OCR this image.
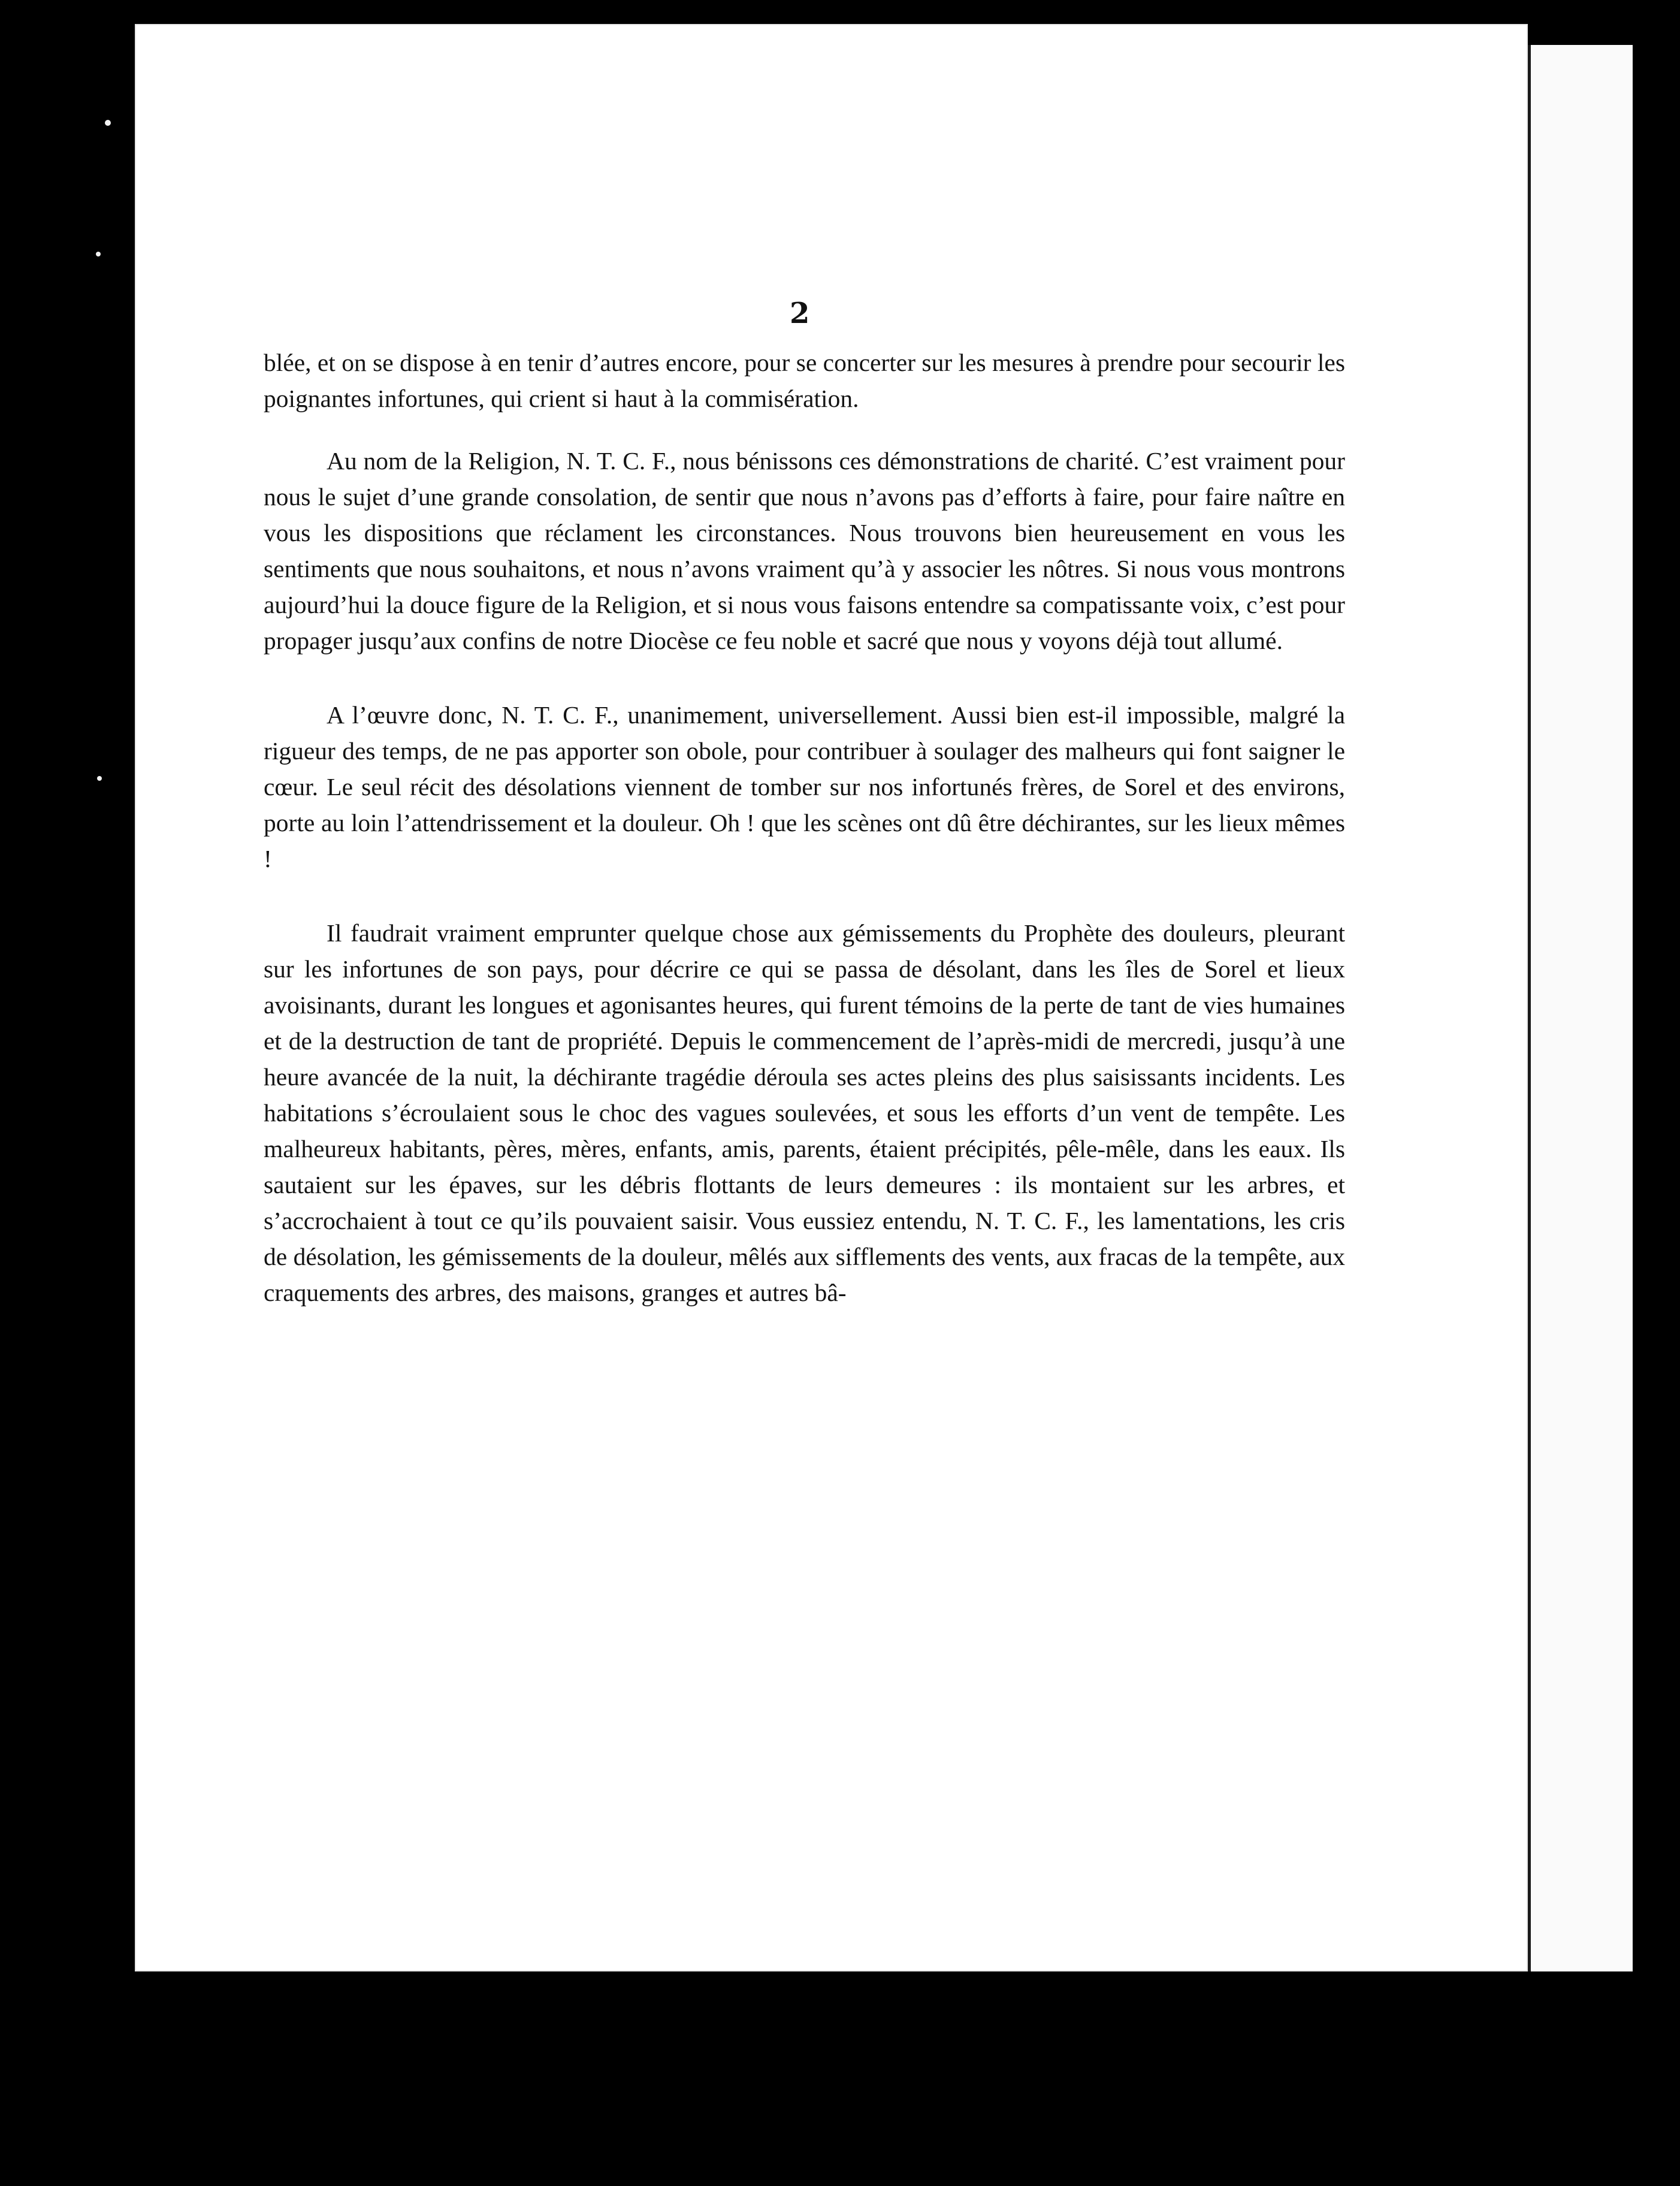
2

blée, et on se dispose à en tenir d’autres encore, pour se concerter sur les mesures à prendre pour secourir les poignantes infortunes, qui crient si haut à la commisération.

Au nom de la Religion, N. T. C. F., nous bénissons ces démonstrations de charité. C’est vraiment pour nous le sujet d’une grande consolation, de sentir que nous n’avons pas d’efforts à faire, pour faire naître en vous les dispositions que réclament les circonstances. Nous trouvons bien heureusement en vous les sentiments que nous souhaitons, et nous n’avons vraiment qu’à y associer les nôtres. Si nous vous montrons aujourd’hui la douce figure de la Religion, et si nous vous faisons entendre sa compatissante voix, c’est pour propager jusqu’aux confins de notre Diocèse ce feu noble et sacré que nous y voyons déjà tout allumé.

A l’œuvre donc, N. T. C. F., unanimement, universellement. Aussi bien est-il impossible, malgré la rigueur des temps, de ne pas apporter son obole, pour contribuer à soulager des malheurs qui font saigner le cœur. Le seul récit des désolations viennent de tomber sur nos infortunés frères, de Sorel et des environs, porte au loin l’attendrissement et la douleur. Oh ! que les scènes ont dû être déchirantes, sur les lieux mêmes !

Il faudrait vraiment emprunter quelque chose aux gémissements du Prophète des douleurs, pleurant sur les infortunes de son pays, pour décrire ce qui se passa de désolant, dans les îles de Sorel et lieux avoisinants, durant les longues et agonisantes heures, qui furent témoins de la perte de tant de vies humaines et de la destruction de tant de propriété. Depuis le commencement de l’après-midi de mercredi, jusqu’à une heure avancée de la nuit, la déchirante tragédie déroula ses actes pleins des plus saisissants incidents. Les habitations s’écroulaient sous le choc des vagues soulevées, et sous les efforts d’un vent de tempête. Les malheureux habitants, pères, mères, enfants, amis, parents, étaient précipités, pêle-mêle, dans les eaux. Ils sautaient sur les épaves, sur les débris flottants de leurs demeures : ils montaient sur les arbres, et s’accrochaient à tout ce qu’ils pouvaient saisir. Vous eussiez entendu, N. T. C. F., les lamentations, les cris de désolation, les gémissements de la douleur, mêlés aux sifflements des vents, aux fracas de la tempête, aux craquements des arbres, des maisons, granges et autres bâ-
